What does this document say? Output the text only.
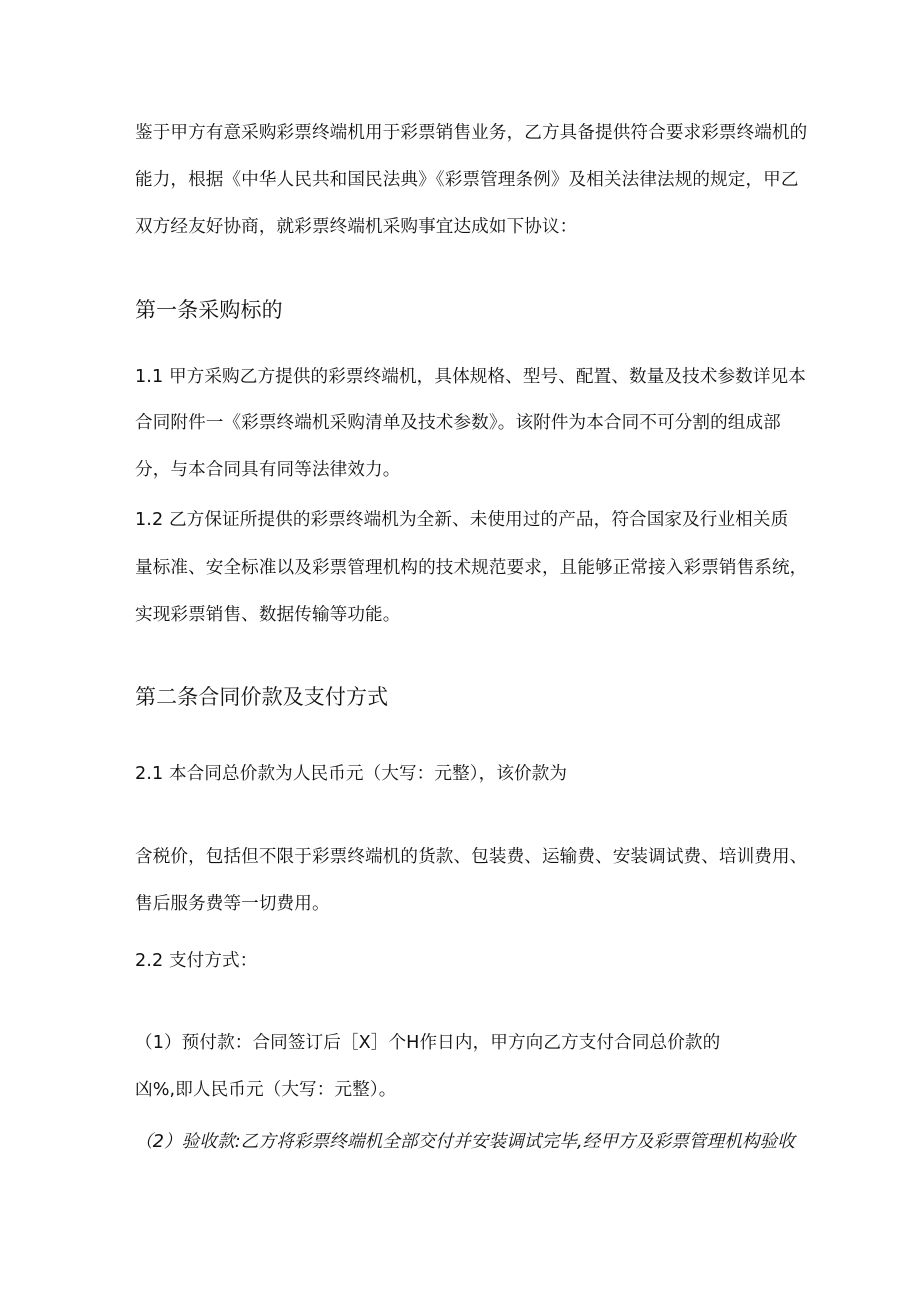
鉴于甲方有意采购彩票终端机用于彩票销售业务，乙方具备提供符合要求彩票终端机的
能力，根据《中华人民共和国民法典》《彩票管理条例》及相关法律法规的规定，甲乙
双方经友好协商，就彩票终端机采购事宜达成如下协议：
第一条采购标的
1.1 甲方采购乙方提供的彩票终端机，具体规格、型号、配置、数量及技术参数详见本
合同附件一《彩票终端机采购清单及技术参数》。该附件为本合同不可分割的组成部
分，与本合同具有同等法律效力。
1.2 乙方保证所提供的彩票终端机为全新、未使用过的产品，符合国家及行业相关质
量标准、安全标准以及彩票管理机构的技术规范要求，且能够正常接入彩票销售系统，
实现彩票销售、数据传输等功能。
第二条合同价款及支付方式
2.1 本合同总价款为人民币元（大写：元整），该价款为
含税价，包括但不限于彩票终端机的货款、包装费、运输费、安装调试费、培训费用、
售后服务费等一切费用。
2.2 支付方式：
（1）预付款：合同签订后［X］个H作日内，甲方向乙方支付合同总价款的
凶%,即人民币元（大写：元整）。
（2）验收款:乙方将彩票终端机全部交付并安装调试完毕,经甲方及彩票管理机构验收
